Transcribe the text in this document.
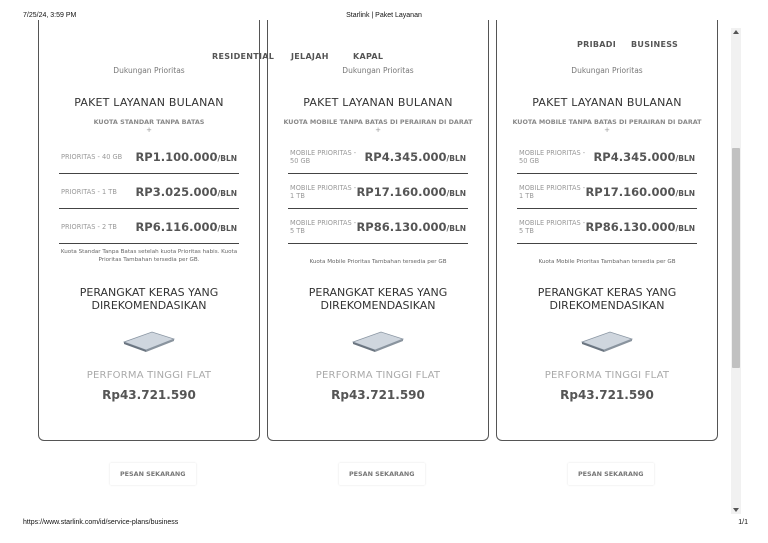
7/25/24, 3:59 PM	Starlink | Paket Layanan
RESIDENTIAL JELAJAH	KAPAL
PRIBADI BUSINESS
Dukungan Prioritas
PAKET LAYANAN BULANAN
KUOTA STANDAR TANPA BATAS
+
PRIORITAS - 40 GB	RP1.100.000/BLN
PRIORITAS - 1 TB	RP3.025.000/BLN
PRIORITAS - 2 TB	RP6.116.000/BLN
Kuota Standar Tanpa Batas setelah kuota Prioritas habis. Kuota Prioritas Tambahan tersedia per GB.
PERANGKAT KERAS YANG DIREKOMENDASIKAN
PERFORMA TINGGI FLAT
Rp43.721.590
Dukungan Prioritas
PAKET LAYANAN BULANAN
KUOTA MOBILE TANPA BATAS DI PERAIRAN DI DARAT
+
MOBILE PRIORITAS - 50 GB	RP4.345.000/BLN
MOBILE PRIORITAS - 1 TB	RP17.160.000/BLN
MOBILE PRIORITAS - 5 TB	RP86.130.000/BLN
Kuota Mobile Prioritas Tambahan tersedia per GB
PERANGKAT KERAS YANG DIREKOMENDASIKAN
PERFORMA TINGGI FLAT
Rp43.721.590
Dukungan Prioritas
PAKET LAYANAN BULANAN
KUOTA MOBILE TANPA BATAS DI PERAIRAN DI DARAT
+
MOBILE PRIORITAS - 50 GB	RP4.345.000/BLN
MOBILE PRIORITAS - 1 TB	RP17.160.000/BLN
MOBILE PRIORITAS - 5 TB	RP86.130.000/BLN
Kuota Mobile Prioritas Tambahan tersedia per GB
PERANGKAT KERAS YANG DIREKOMENDASIKAN
PERFORMA TINGGI FLAT
Rp43.721.590
PESAN SEKARANG	PESAN SEKARANG	PESAN SEKARANG
https://www.starlink.com/id/service-plans/business	1/1
